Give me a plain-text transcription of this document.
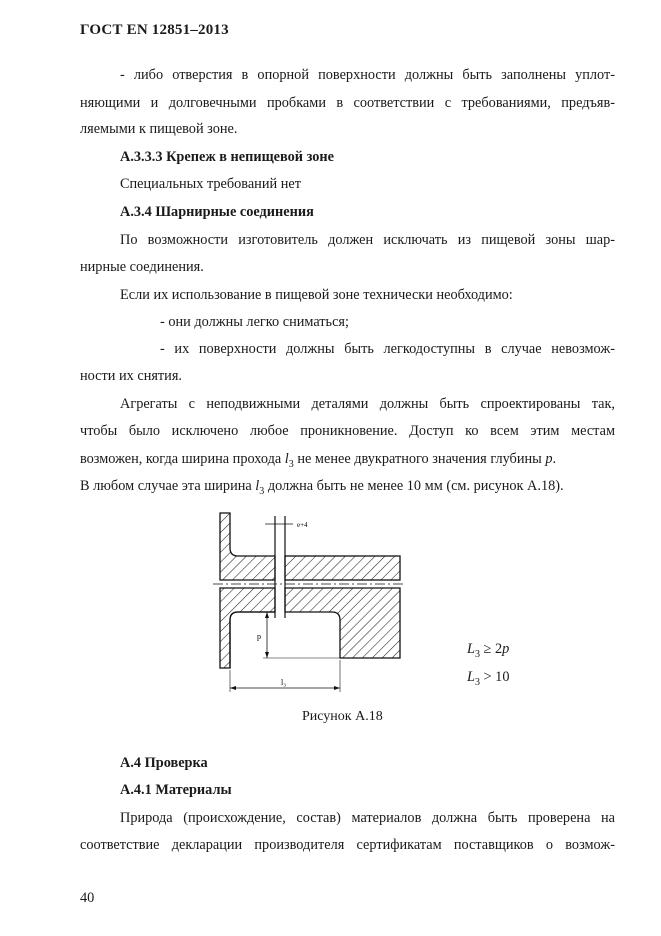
ГОСТ EN 12851–2013
- либо отверстия в опорной поверхности должны быть заполнены уплот-
няющими и долговечными пробками в соответствии с требованиями, предъяв-
ляемыми к пищевой зоне.
А.3.3.3 Крепеж в непищевой зоне
Специальных требований нет
А.3.4 Шарнирные соединения
По возможности изготовитель должен исключать из пищевой зоны шар-
нирные соединения.
Если их использование в пищевой зоне технически необходимо:
- они должны легко сниматься;
- их поверхности должны быть легкодоступны в случае невозмож-
ности их снятия.
Агрегаты с неподвижными деталями должны быть спроектированы так,
чтобы было исключено любое проникновение. Доступ ко всем этим местам
возможен, когда ширина прохода $l_3$ не менее двукратного значения глубины p.
В любом случае эта ширина $l_3$ должна быть не менее 10 мм (см. рисунок А.18).
e+4
p
l₃
$L_3 \ge 2p$
$L_3 > 10$
Рисунок А.18
А.4 Проверка
А.4.1 Материалы
Природа (происхождение, состав) материалов должна быть проверена на
соответствие декларации производителя сертификатам поставщиков о возмож-
40
